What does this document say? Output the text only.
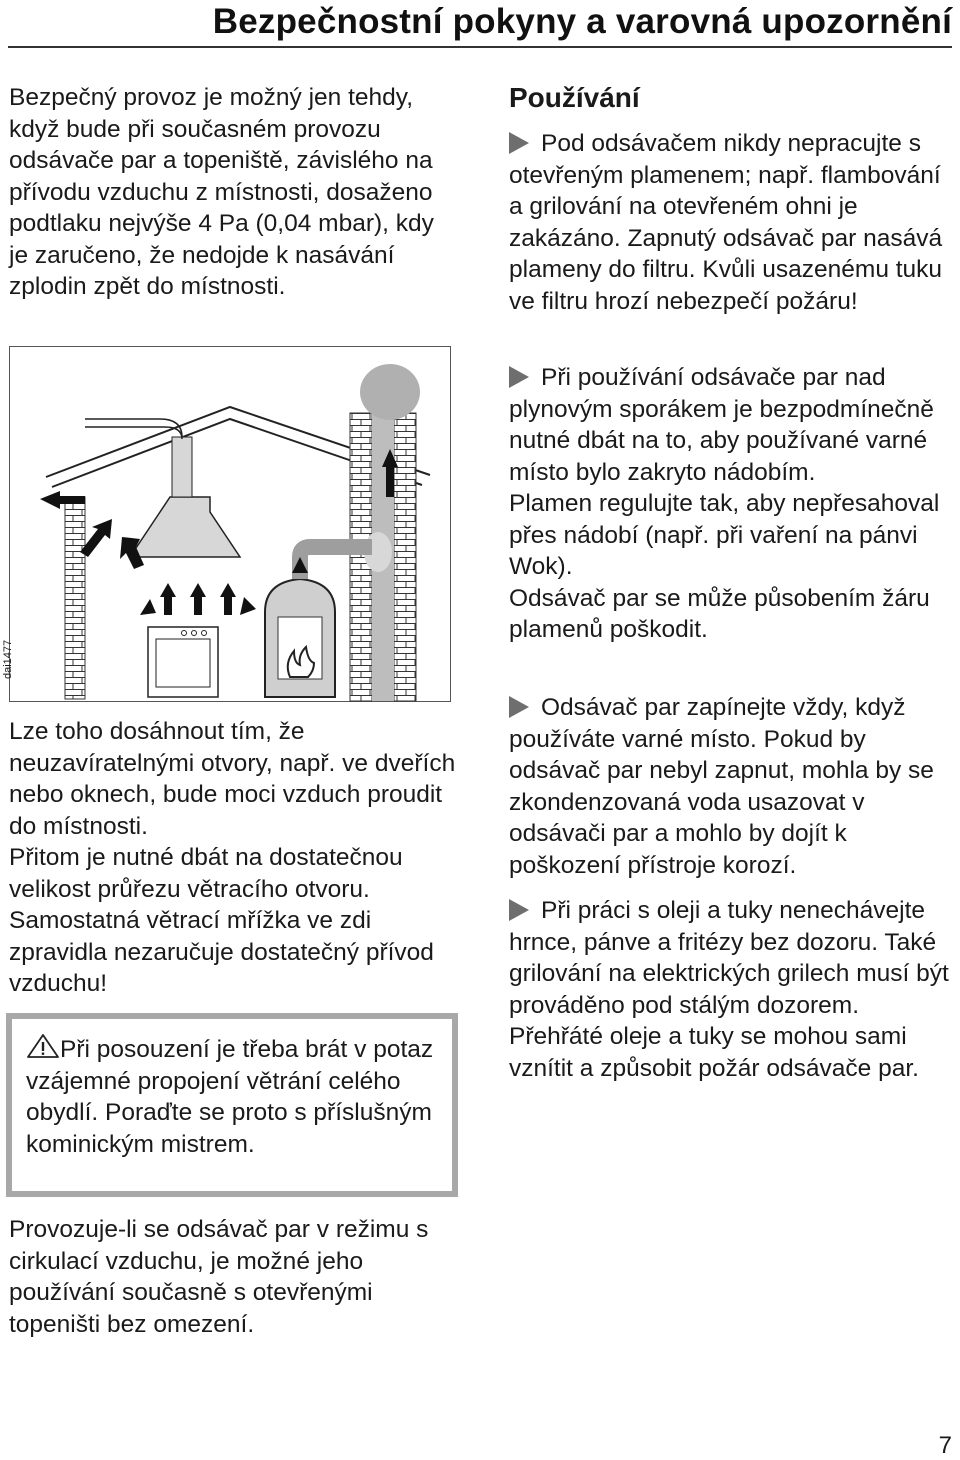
Bezpečnostní pokyny a varovná upozornění

Bezpečný provoz je možný jen tehdy, když bude při současném provozu odsávače par a topeniště, závislého na přívodu vzduchu z místnosti, dosaženo podtlaku nejvýše 4 Pa (0,04 mbar), kdy je zaručeno, že nedojde k nasávání zplodin zpět do místnosti.

dai1477

Lze toho dosáhnout tím, že neuzavíratelnými otvory, např. ve dveřích nebo oknech, bude moci vzduch proudit do místnosti.

Přitom je nutné dbát na dostatečnou velikost průřezu větracího otvoru.

Samostatná větrací mřížka ve zdi zpravidla nezaručuje dostatečný přívod vzduchu!

Při posouzení je třeba brát v potaz vzájemné propojení větrání celého obydlí. Poraďte se proto s příslušným kominickým mistrem.

Provozuje-li se odsávač par v režimu s cirkulací vzduchu, je možné jeho používání současně s otevřenými topeništi bez omezení.

Používání

Pod odsávačem nikdy nepracujte s otevřeným plamenem; např. flambování a grilování na otevřeném ohni je zakázáno. Zapnutý odsávač par nasává plameny do filtru. Kvůli usazenému tuku ve filtru hrozí nebezpečí požáru!

Při používání odsávače par nad plynovým sporákem je bezpodmínečně nutné dbát na to, aby používané varné místo bylo zakryto nádobím.

Plamen regulujte tak, aby nepřesahoval přes nádobí (např. při vaření na pánvi Wok).

Odsávač par se může působením žáru plamenů poškodit.

Odsávač par zapínejte vždy, když používáte varné místo. Pokud by odsávač par nebyl zapnut, mohla by se zkondenzovaná voda usazovat v odsávači par a mohlo by dojít k poškození přístroje korozí.

Při práci s oleji a tuky nenechávejte hrnce, pánve a fritézy bez dozoru. Také grilování na elektrických grilech musí být prováděno pod stálým dozorem. Přehřáté oleje a tuky se mohou sami vznítit a způsobit požár odsávače par.

7
